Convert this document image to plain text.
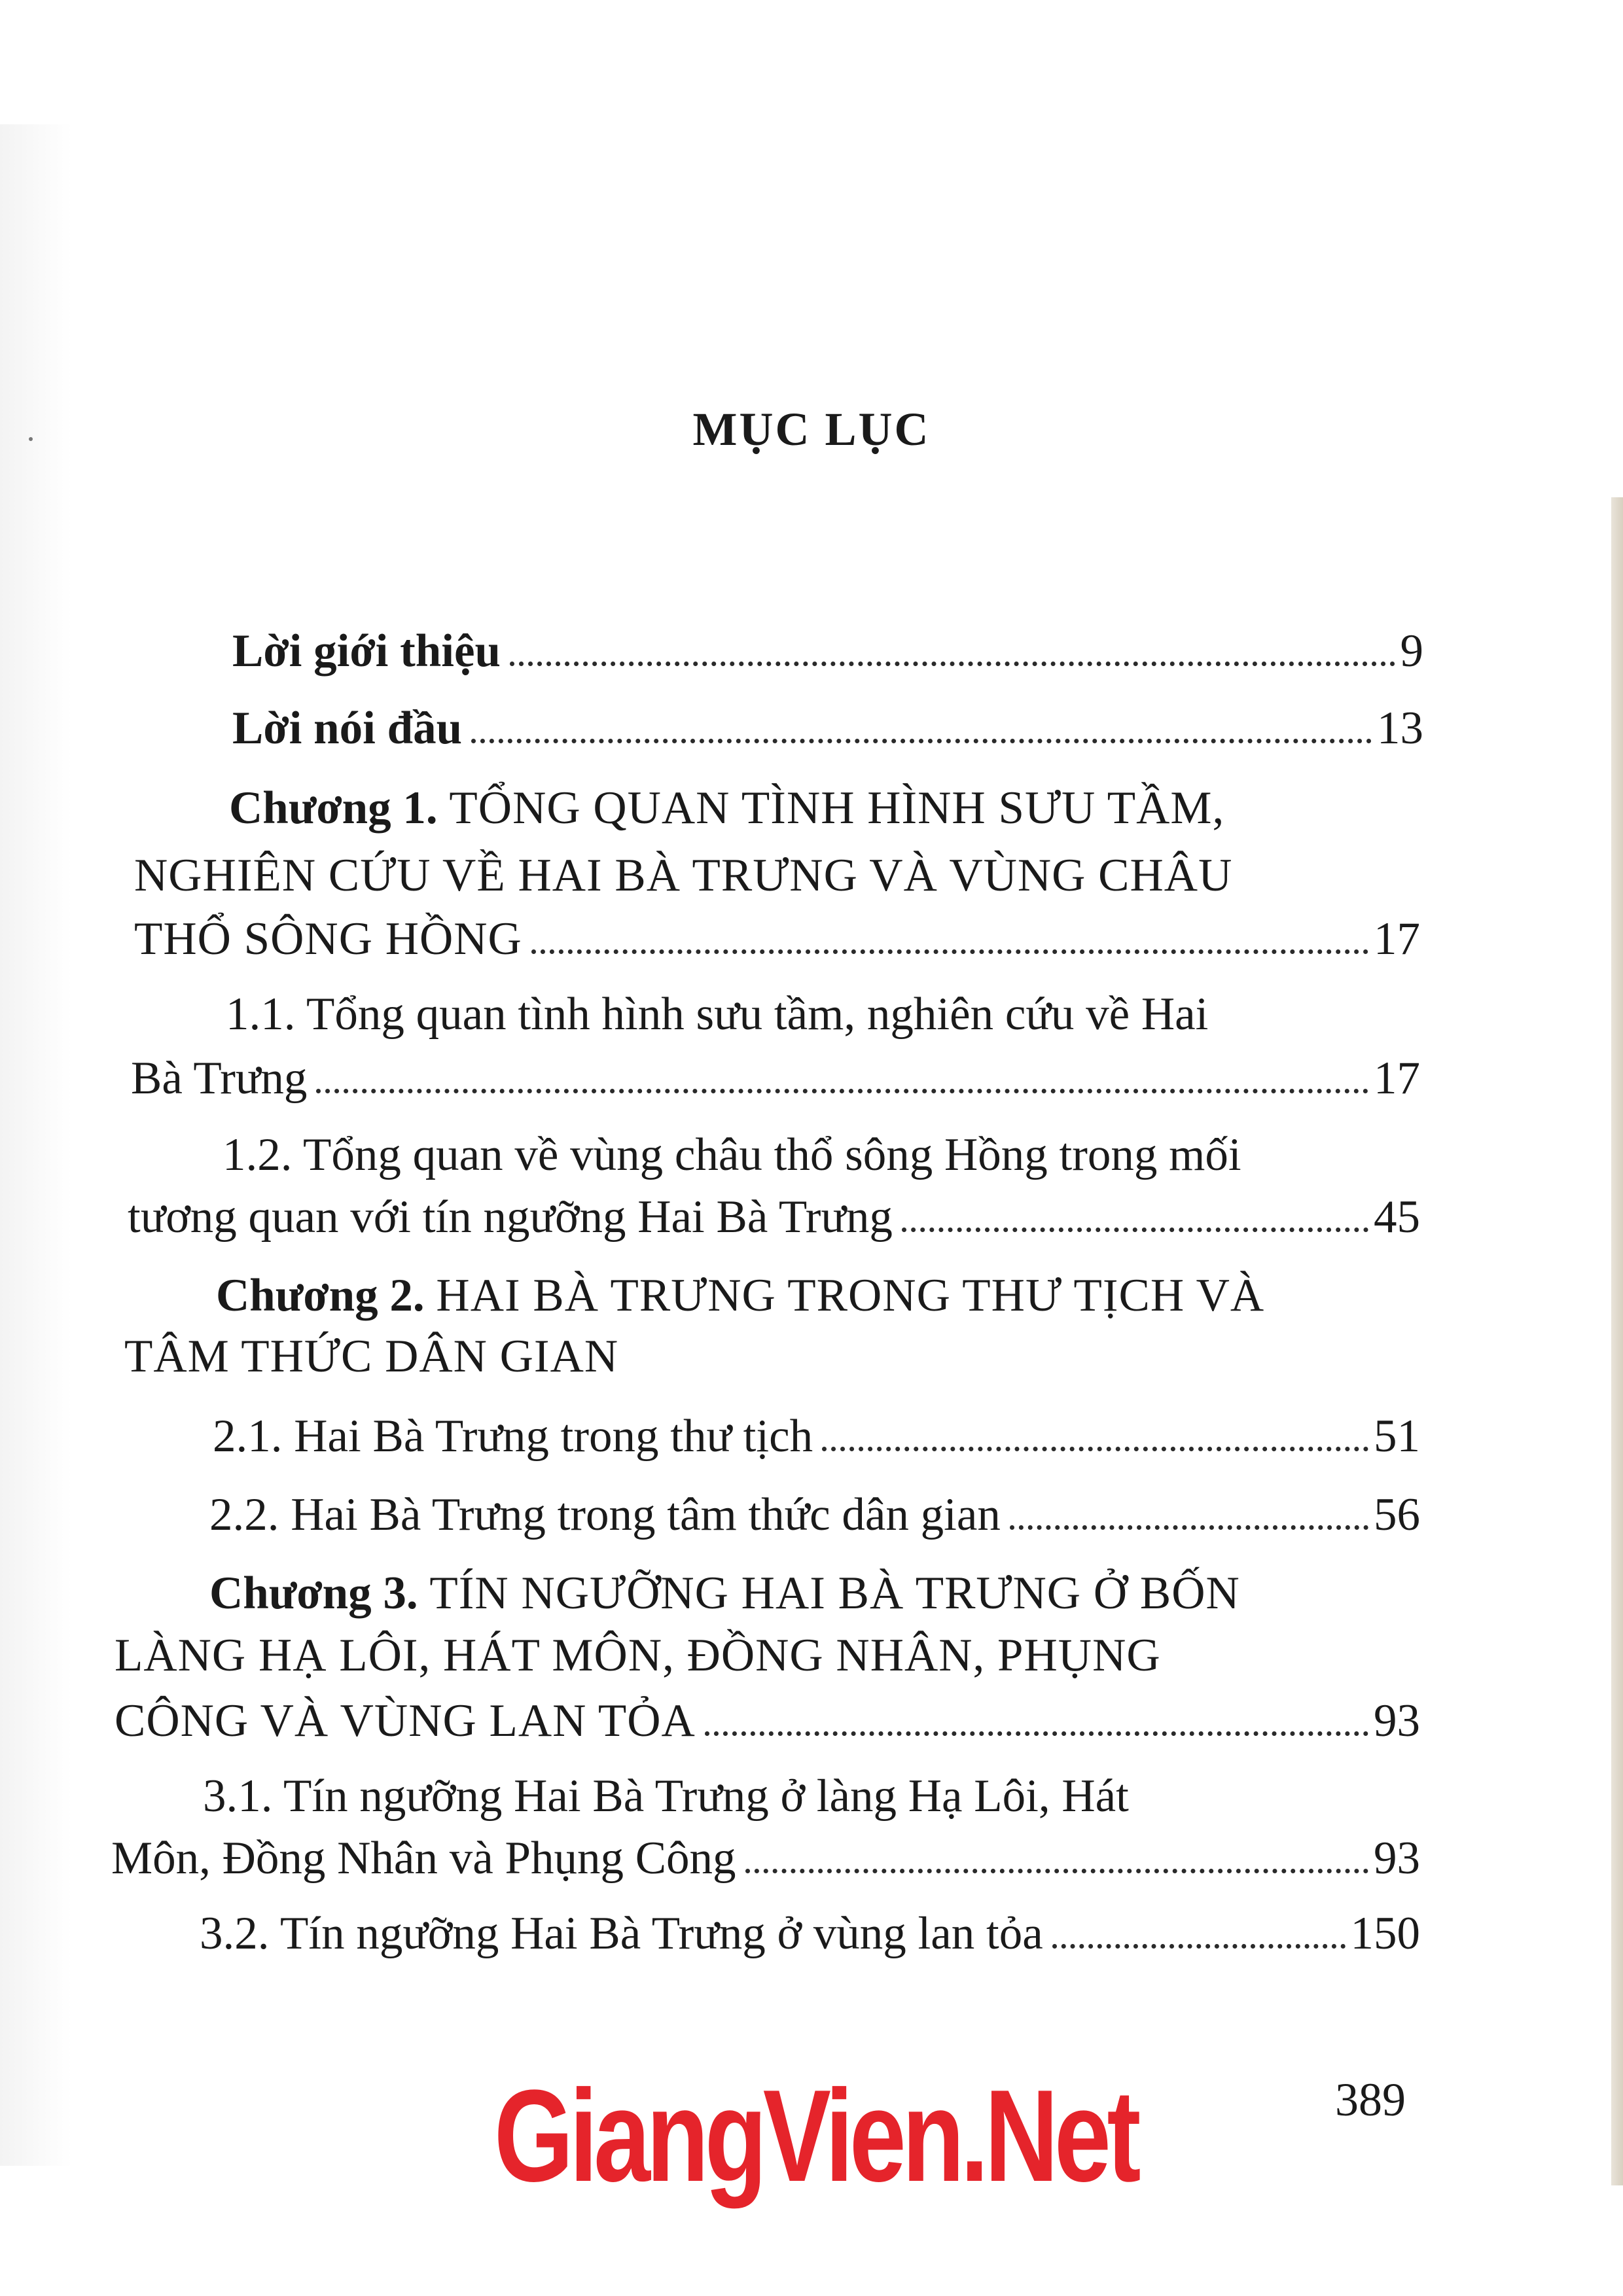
MỤC LỤC
Lời giới thiệu	9
Lời nói đầu	13
Chương 1. TỔNG QUAN TÌNH HÌNH SƯU TẦM,
NGHIÊN CỨU VỀ HAI BÀ TRƯNG VÀ VÙNG CHÂU
THỔ SÔNG HỒNG	17
1.1. Tổng quan tình hình sưu tầm, nghiên cứu về Hai
Bà Trưng	17
1.2. Tổng quan về vùng châu thổ sông Hồng trong mối
tương quan với tín ngưỡng Hai Bà Trưng	45
Chương 2. HAI BÀ TRƯNG TRONG THƯ TỊCH VÀ
TÂM THỨC DÂN GIAN
2.1. Hai Bà Trưng trong thư tịch	51
2.2. Hai Bà Trưng trong tâm thức dân gian	56
Chương 3. TÍN NGƯỠNG HAI BÀ TRƯNG Ở BỐN
LÀNG HẠ LÔI, HÁT MÔN, ĐỒNG NHÂN, PHỤNG
CÔNG VÀ VÙNG LAN TỎA	93
3.1. Tín ngưỡng Hai Bà Trưng ở làng Hạ Lôi, Hát
Môn, Đồng Nhân và Phụng Công	93
3.2. Tín ngưỡng Hai Bà Trưng ở vùng lan tỏa	150
GiangVien.Net	389
